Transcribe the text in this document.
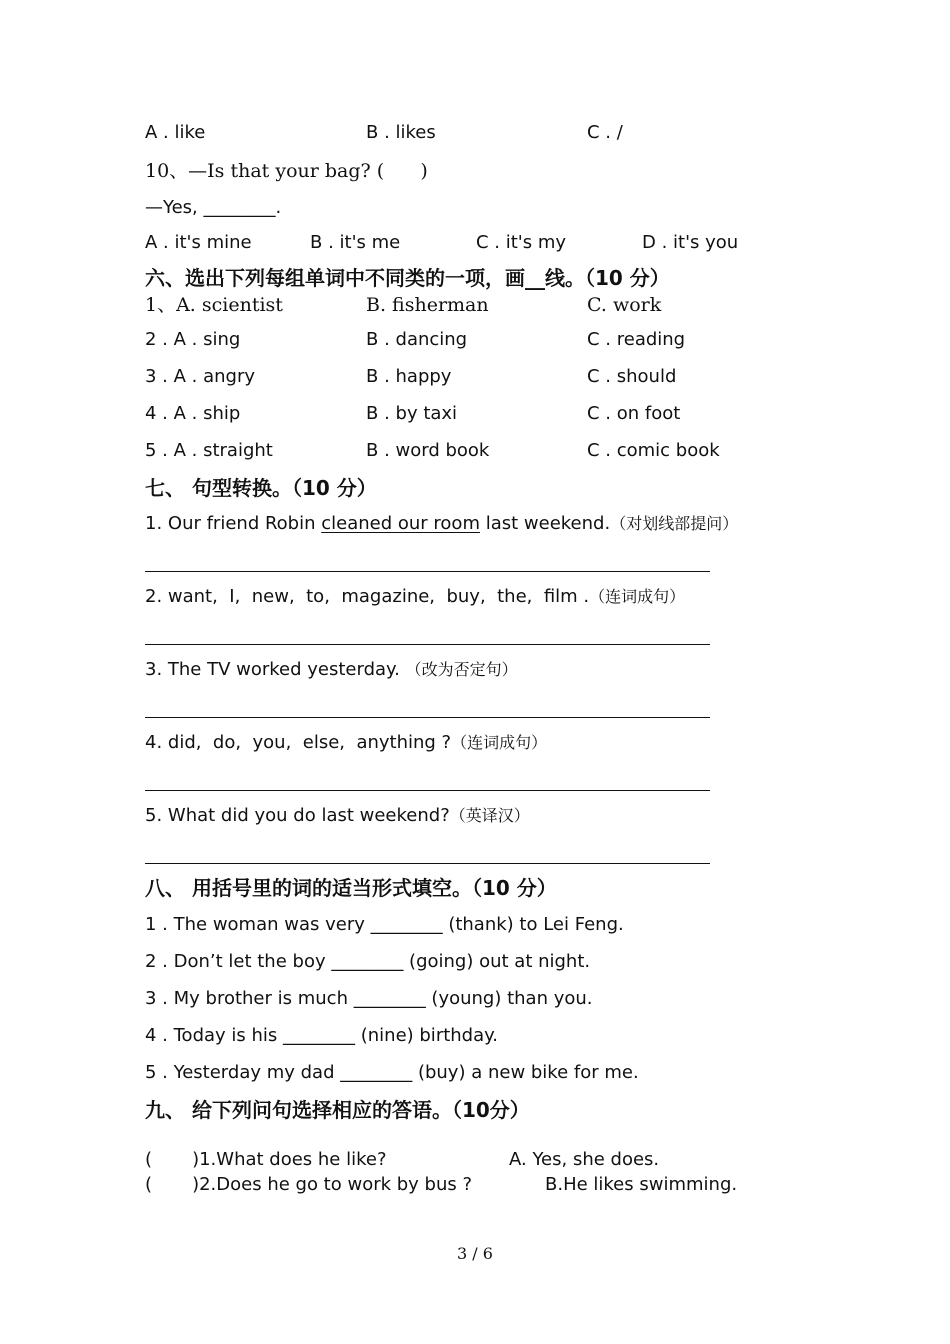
A . like	B . likes	C . /
10、—Is that your bag? (      )
—Yes, ________.
A . it's mine	B . it's me	C . it's my	D . it's you
六、选出下列每组单词中不同类的一项，画__线。（10 分）
1、A. scientist	B. fisherman	C. work
2 . A . sing	B . dancing	C . reading
3 . A . angry	B . happy	C . should
4 . A . ship	B . by taxi	C . on foot
5 . A . straight	B . word book	C . comic book
七、 句型转换。（10 分）
1. Our friend Robin cleaned our room last weekend.（对划线部提问）
2. want,  I,  new,  to,  magazine,  buy,  the,  film .（连词成句）
3. The TV worked yesterday. （改为否定句）
4. did,  do,  you,  else,  anything ?（连词成句）
5. What did you do last weekend?（英译汉）
八、 用括号里的词的适当形式填空。（10 分）
1 . The woman was very ________ (thank) to Lei Feng.
2 . Don’t let the boy ________ (going) out at night.
3 . My brother is much ________ (young) than you.
4 . Today is his ________ (nine) birthday.
5 . Yesterday my dad ________ (buy) a new bike for me.
九、 给下列问句选择相应的答语。（10分）
(       )1.What does he like?	A. Yes, she does.
(       )2.Does he go to work by bus ?	B.He likes swimming.
3 / 6
